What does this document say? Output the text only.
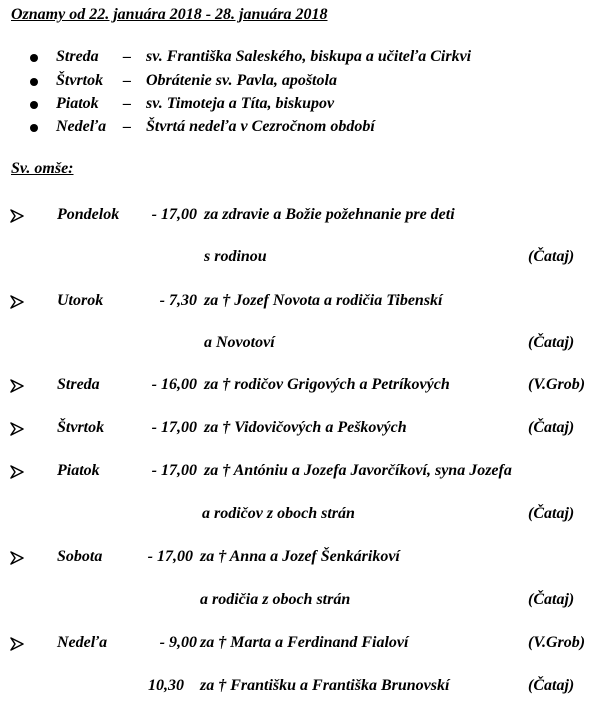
Oznamy od 22. januára 2018 - 28. januára 2018
Streda – sv. Františka Saleského, biskupa a učiteľa Cirkvi
Štvrtok – Obrátenie sv. Pavla, apoštola
Piatok – sv. Timoteja a Títa, biskupov
Nedeľa – Štvrtá nedeľa v Cezročnom období
Sv. omše:
Pondelok	- 17,00 za zdravie a Božie požehnanie pre deti
s rodinou	(Čataj)
Utorok	- 7,30 za † Jozef Novota a rodičia Tibenskí
a Novotoví	(Čataj)
Streda	- 16,00 za † rodičov Grigových a Petríkových	(V.Grob)
Štvrtok	- 17,00 za † Vidovičových a Peškových	(Čataj)
Piatok	- 17,00 za † Antóniu a Jozefa Javorčíkoví, syna Jozefa
a rodičov z oboch strán	(Čataj)
Sobota	- 17,00 za † Anna a Jozef Šenkárikoví
a rodičia z oboch strán	(Čataj)
Nedeľa	- 9,00 za † Marta a Ferdinand Fialoví	(V.Grob)
10,30 za † Františku a Františka Brunovskí	(Čataj)
